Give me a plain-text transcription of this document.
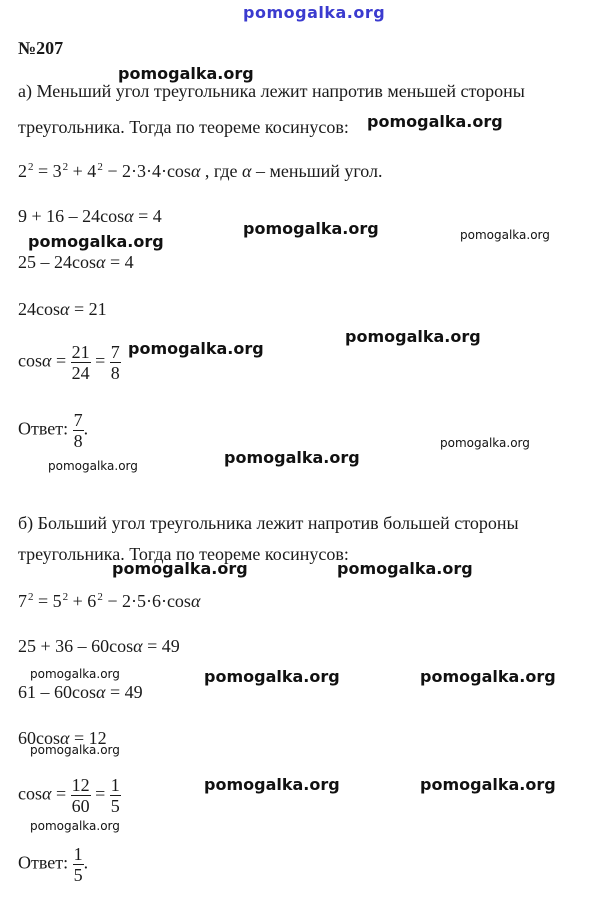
pomogalka.org
№207
а) Меньший угол треугольника лежит напротив меньшей стороны
треугольника. Тогда по теореме косинусов:
$2^2 = 3^2 + 4^2 - 2\cdot 3\cdot 4\cdot\cos\alpha$ , где α – меньший угол.
9 + 16 – 24cosα = 4
25 – 24cosα = 4
24cosα = 21
$\cos\alpha = \frac{21}{24} = \frac{7}{8}$
Ответ: $\frac{7}{8}$ .
б) Больший угол треугольника лежит напротив большей стороны
треугольника. Тогда по теореме косинусов:
$7^2 = 5^2 + 6^2 - 2\cdot 5\cdot 6\cdot\cos\alpha$
25 + 36 – 60cosα = 49
61 – 60cosα = 49
60cosα = 12
$\cos\alpha = \frac{12}{60} = \frac{1}{5}$
Ответ: $\frac{1}{5}$ .
pomogalka.org
pomogalka.org
pomogalka.org
pomogalka.org	pomogalka.org
pomogalka.org
pomogalka.org
pomogalka.org
pomogalka.org
pomogalka.org
pomogalka.org	pomogalka.org
pomogalka.org	pomogalka.org	pomogalka.org
pomogalka.org
pomogalka.org	pomogalka.org
pomogalka.org
